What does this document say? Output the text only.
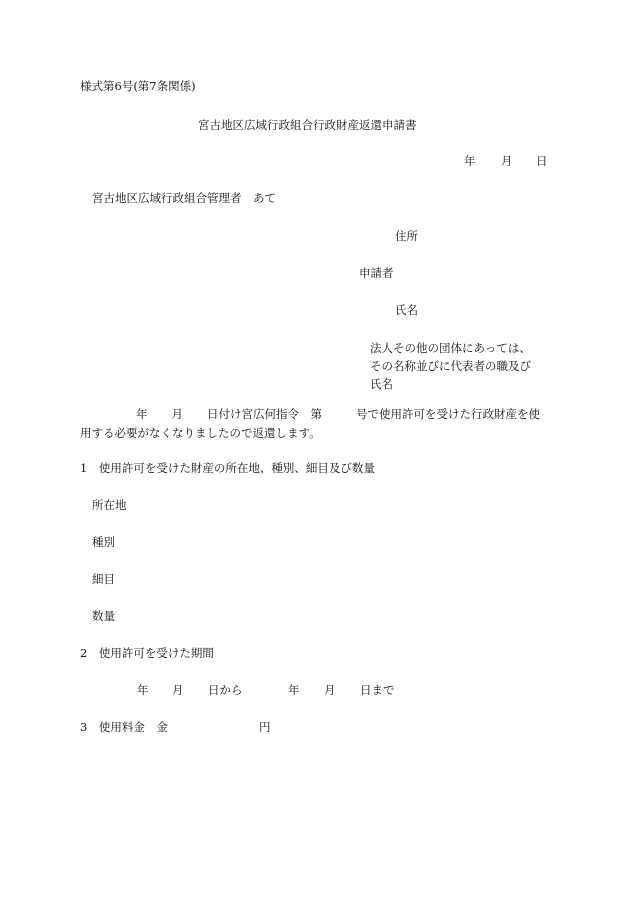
様式第6号(第7条関係)
宮古地区広域行政組合行政財産返還申請書
年 月 日
宮古地区広域行政組合管理者　あて
住所
申請者
氏名
法人その他の団体にあっては、
その名称並びに代表者の職及び
氏名
年 月 日付け宮広何指令　第	号で使用許可を受けた行政財産を使
用する必要がなくなりましたので返還します。
1　使用許可を受けた財産の所在地、種別、細目及び数量
所在地
種別
細目
数量
2　使用許可を受けた期間
年 月 日から	年 月 日まで
3　使用料金　金	円
